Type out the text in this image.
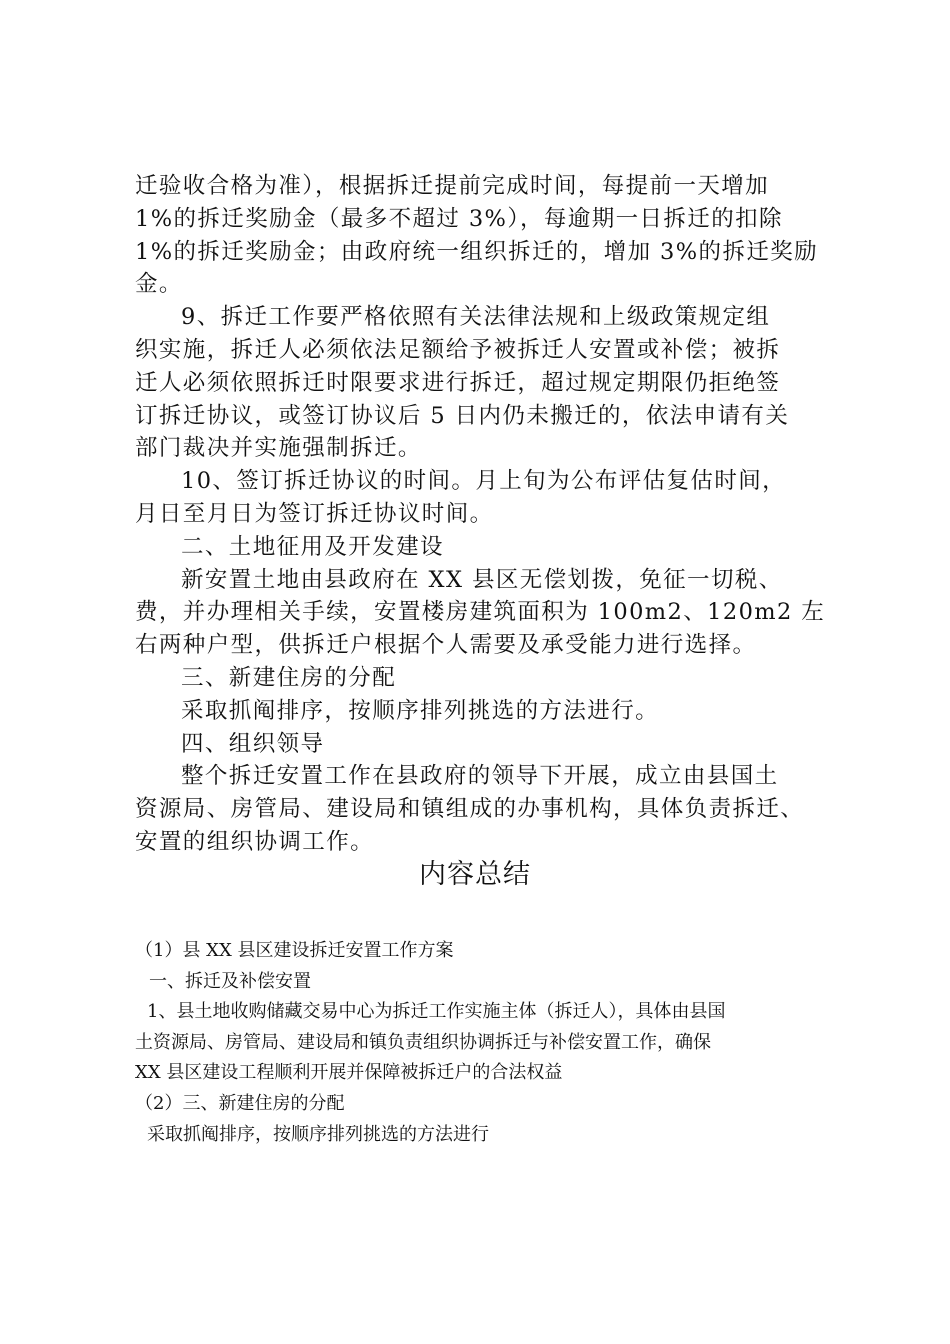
迁验收合格为准），根据拆迁提前完成时间，每提前一天增加
1%的拆迁奖励金（最多不超过 3%），每逾期一日拆迁的扣除
1%的拆迁奖励金；由政府统一组织拆迁的，增加 3%的拆迁奖励
金。
9、拆迁工作要严格依照有关法律法规和上级政策规定组
织实施，拆迁人必须依法足额给予被拆迁人安置或补偿；被拆
迁人必须依照拆迁时限要求进行拆迁，超过规定期限仍拒绝签
订拆迁协议，或签订协议后 5 日内仍未搬迁的，依法申请有关
部门裁决并实施强制拆迁。
10、签订拆迁协议的时间。月上旬为公布评估复估时间，
月日至月日为签订拆迁协议时间。
二、土地征用及开发建设
新安置土地由县政府在 XX 县区无偿划拨，免征一切税、
费，并办理相关手续，安置楼房建筑面积为 100m2、120m2 左
右两种户型，供拆迁户根据个人需要及承受能力进行选择。
三、新建住房的分配
采取抓阄排序，按顺序排列挑选的方法进行。
四、组织领导
整个拆迁安置工作在县政府的领导下开展，成立由县国土
资源局、房管局、建设局和镇组成的办事机构，具体负责拆迁、
安置的组织协调工作。
内容总结
（1）县 XX 县区建设拆迁安置工作方案
一、拆迁及补偿安置
1、县土地收购储藏交易中心为拆迁工作实施主体（拆迁人），具体由县国
土资源局、房管局、建设局和镇负责组织协调拆迁与补偿安置工作，确保
XX 县区建设工程顺利开展并保障被拆迁户的合法权益
（2）三、新建住房的分配
采取抓阄排序，按顺序排列挑选的方法进行
